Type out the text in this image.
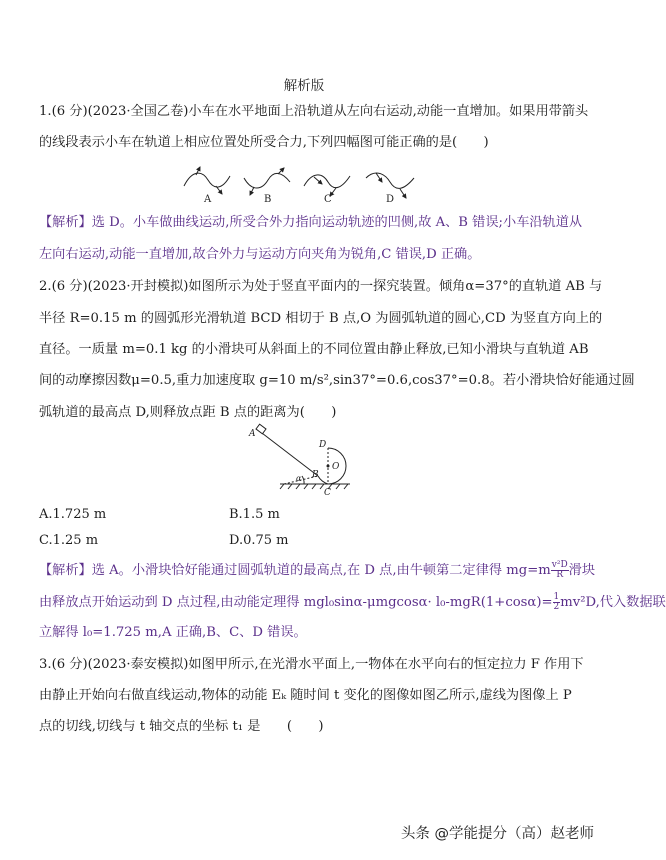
解析版
1.(6 分)(2023·全国乙卷)小车在水平地面上沿轨道从左向右运动,动能一直增加。如果用带箭头
的线段表示小车在轨道上相应位置处所受合力,下列四幅图可能正确的是(　　)
A	B	C	D
【解析】选 D。小车做曲线运动,所受合外力指向运动轨迹的凹侧,故 A、B 错误;小车沿轨道从
左向右运动,动能一直增加,故合外力与运动方向夹角为锐角,C 错误,D 正确。
2.(6 分)(2023·开封模拟)如图所示为处于竖直平面内的一探究装置。倾角α=37°的直轨道 AB 与
半径 R=0.15 m 的圆弧形光滑轨道 BCD 相切于 B 点,O 为圆弧轨道的圆心,CD 为竖直方向上的
直径。一质量 m=0.1 kg 的小滑块可从斜面上的不同位置由静止释放,已知小滑块与直轨道 AB
间的动摩擦因数μ=0.5,重力加速度取 g=10 m/s²,sin37°=0.6,cos37°=0.8。若小滑块恰好能通过圆
弧轨道的最高点 D,则释放点距 B 点的距离为(　　)
A
B
C
D
O
α
A.1.725 m	B.1.5 m
C.1.25 m	D.0.75 m
【解析】选 A。小滑块恰好能通过圆弧轨道的最高点,在 D 点,由牛顿第二定律得 $mg=m \frac{\text{v²D}}{R}$ 滑块
由释放点开始运动到 D 点过程,由动能定理得 $mgl_0\sin\alpha-\mu mgcos\alpha\cdot l_0-mgR(1+\cos\alpha)= \frac{1}{2} mv^2D$,代入数据联
立解得 l₀=1.725 m,A 正确,B、C、D 错误。
3.(6 分)(2023·泰安模拟)如图甲所示,在光滑水平面上,一物体在水平向右的恒定拉力 F 作用下
由静止开始向右做直线运动,物体的动能 Eₖ 随时间 t 变化的图像如图乙所示,虚线为图像上 P
点的切线,切线与 t 轴交点的坐标 t₁ 是　　(　　)
头条 @学能提分（高）赵老师
